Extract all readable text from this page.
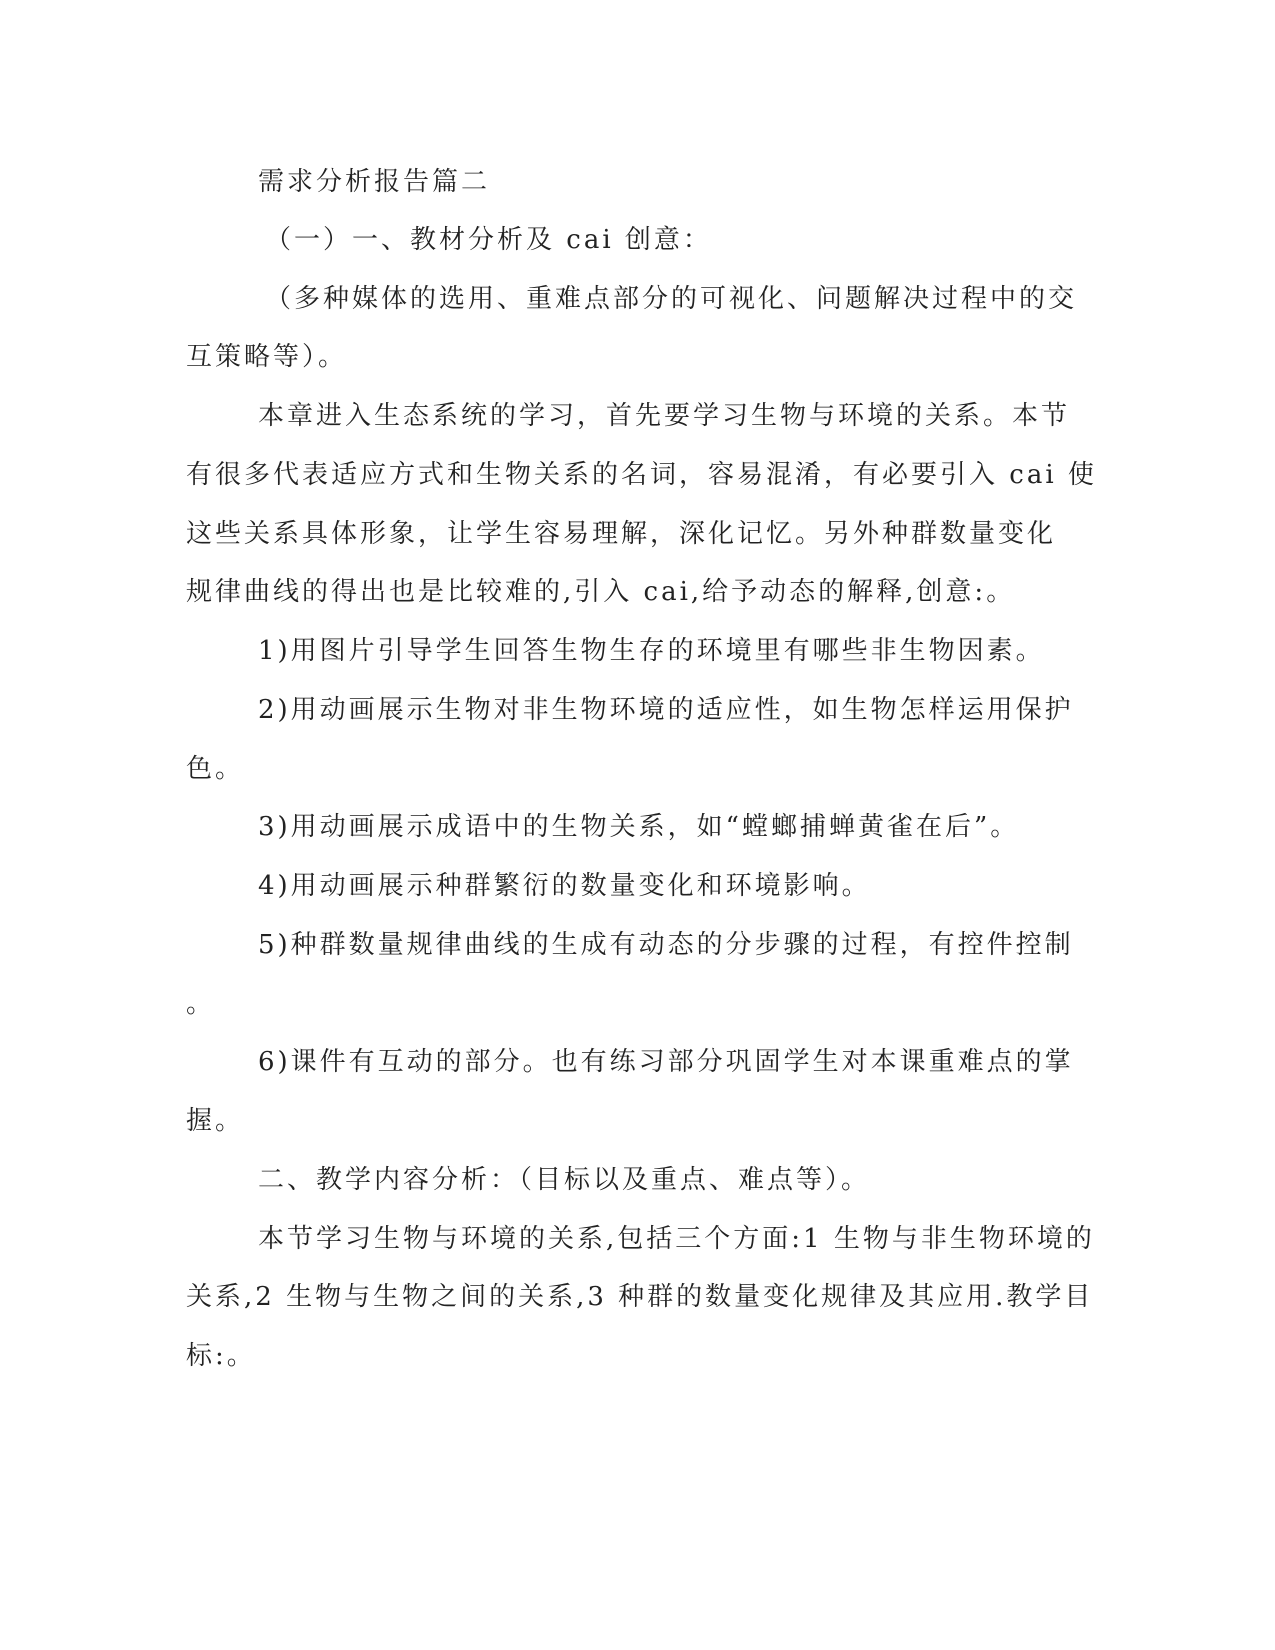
需求分析报告篇二
（一）一、教材分析及 cai 创意：
（多种媒体的选用、重难点部分的可视化、问题解决过程中的交
互策略等）。
本章进入生态系统的学习，首先要学习生物与环境的关系。本节
有很多代表适应方式和生物关系的名词，容易混淆，有必要引入 cai 使
这些关系具体形象，让学生容易理解，深化记忆。另外种群数量变化
规律曲线的得出也是比较难的,引入 cai,给予动态的解释,创意:。
1)用图片引导学生回答生物生存的环境里有哪些非生物因素。
2)用动画展示生物对非生物环境的适应性，如生物怎样运用保护
色。
3)用动画展示成语中的生物关系，如“螳螂捕蝉黄雀在后”。
4)用动画展示种群繁衍的数量变化和环境影响。
5)种群数量规律曲线的生成有动态的分步骤的过程，有控件控制
。
6)课件有互动的部分。也有练习部分巩固学生对本课重难点的掌
握。
二、教学内容分析：（目标以及重点、难点等）。
本节学习生物与环境的关系,包括三个方面:1 生物与非生物环境的
关系,2 生物与生物之间的关系,3 种群的数量变化规律及其应用.教学目
标:。
